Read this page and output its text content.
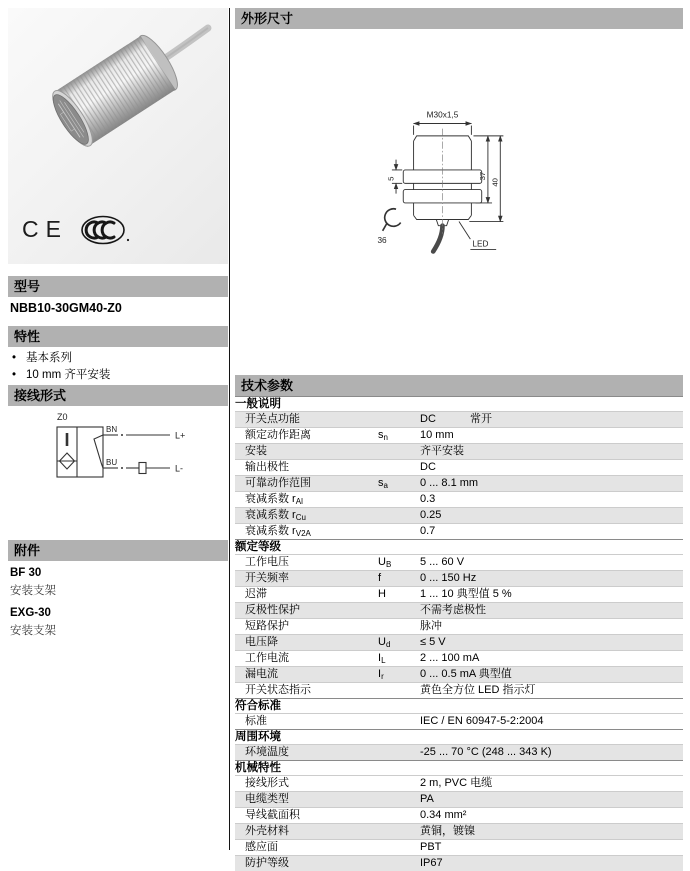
CE
型号
NBB10-30GM40-Z0
特性
• 基本系列
• 10 mm 齐平安装
接线形式
Z0
BN
BU
L+
L-
附件
BF 30
安装支架
EXG-30
安装支架
外形尺寸
M30x1,5
37
40
5
36	LED
技术参数
一般说明
开关点功能	DC	常开
额定动作距离	$s_n$	10 mm
安装	齐平安装
输出极性	DC
可靠动作范围	$s_a$	0 ... 8.1 mm
衰减系数 $r_{Al}$	0.3
衰减系数 $r_{Cu}$	0.25
衰减系数 $r_{V2A}$	0.7
额定等级
工作电压	$U_B$	5 ... 60 V
开关频率	f	0 ... 150 Hz
迟滞	H	1 ... 10 典型值 5 %
反极性保护	不需考虑极性
短路保护	脉冲
电压降	$U_d$	≤ 5 V
工作电流	$I_L$	2 ... 100 mA
漏电流	$I_r$	0 ... 0.5 mA 典型值
开关状态指示	黄色全方位 LED 指示灯
符合标准
标准	IEC / EN 60947-5-2:2004
周围环境
环境温度	-25 ... 70 °C (248 ... 343 K)
机械特性
接线形式	2 m, PVC 电缆
电缆类型	PA
导线截面积	0.34 mm²
外壳材料	黄铜，镀镍
感应面	PBT
防护等级	IP67
